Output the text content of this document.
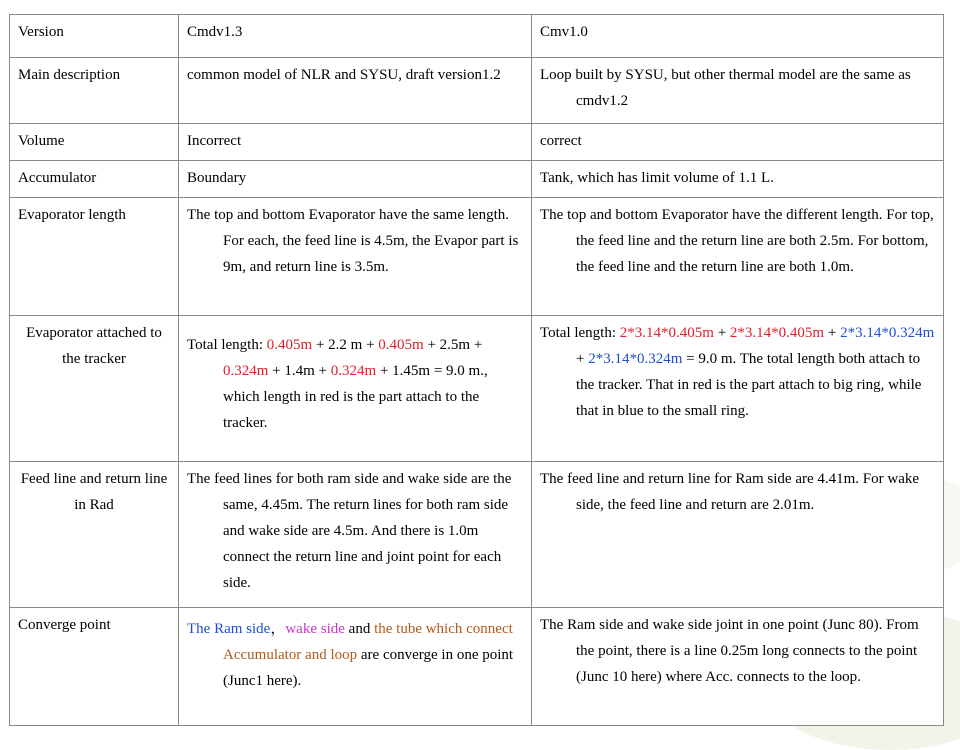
Version	Cmdv1.3	Cmv1.0
Main description	common model of NLR and SYSU, draft version1.2	Loop built by SYSU, but other thermal model are the same as cmdv1.2

Volume	Incorrect	correct
Accumulator	Boundary	Tank, which has limit volume of 1.1 L.
Evaporator length	The top and bottom Evaporator have the same length. For each, the feed line is 4.5m, the Evapor part is 9m, and return line is 3.5m.	The top and bottom Evaporator have the different length. For top, the feed line and the return line are both 2.5m. For bottom, the feed line and the return line are both 1.0m.

Evaporator attached to the tracker	Total length: 0.405m + 2.2 m + 0.405m + 2.5m + 0.324m + 1.4m + 0.324m + 1.45m = 9.0 m., which length in red is the part attach to the tracker.	Total length: 2*3.14*0.405m + 2*3.14*0.405m + 2*3.14*0.324m + 2*3.14*0.324m = 9.0 m. The total length both attach to the tracker. That in red is the part attach to big ring, while that in blue to the small ring.

Feed line and return line in Rad	The feed lines for both ram side and wake side are the same, 4.45m. The return lines for both ram side and wake side are 4.5m. And there is 1.0m connect the return line and joint point for each side.	The feed line and return line for Ram side are 4.41m. For wake side, the feed line and return are 2.01m.

Converge point	The Ram side，wake side and the tube which connect Accumulator and loop are converge in one point (Junc1 here).	The Ram side and wake side joint in one point (Junc 80). From the point, there is a line 0.25m long connects to the point (Junc 10 here) where Acc. connects to the loop.
